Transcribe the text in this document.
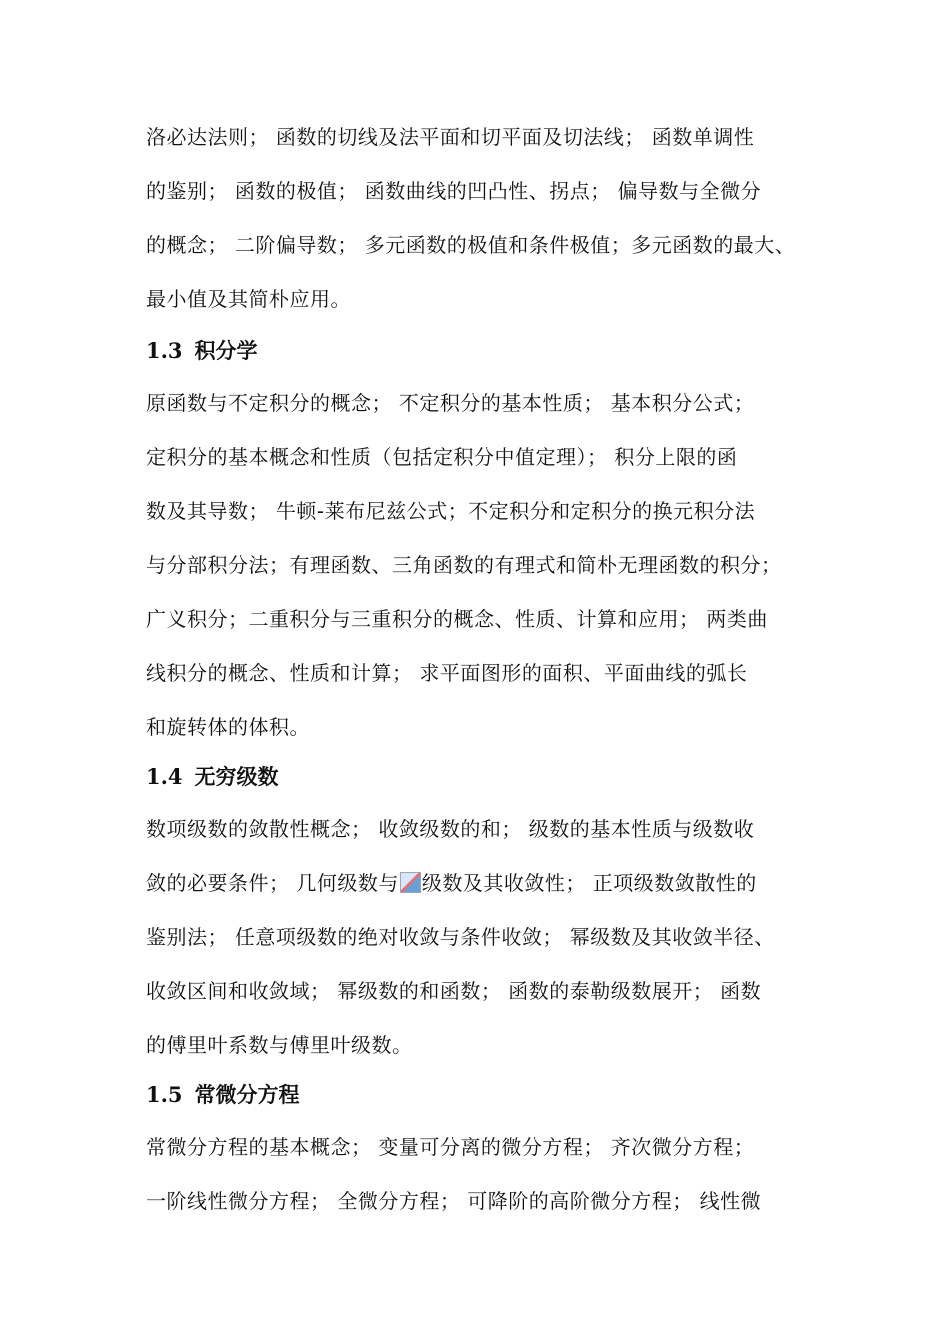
洛必达法则； 函数的切线及法平面和切平面及切法线； 函数单调性
的鉴别； 函数的极值； 函数曲线的凹凸性、拐点； 偏导数与全微分
的概念； 二阶偏导数； 多元函数的极值和条件极值；多元函数的最大、
最小值及其简朴应用。
1.3 积分学
原函数与不定积分的概念； 不定积分的基本性质； 基本积分公式；
定积分的基本概念和性质（包括定积分中值定理）； 积分上限的函
数及其导数； 牛顿-莱布尼兹公式；不定积分和定积分的换元积分法
与分部积分法；有理函数、三角函数的有理式和简朴无理函数的积分；
广义积分；二重积分与三重积分的概念、性质、计算和应用； 两类曲
线积分的概念、性质和计算； 求平面图形的面积、平面曲线的弧长
和旋转体的体积。
1.4 无穷级数
数项级数的敛散性概念； 收敛级数的和； 级数的基本性质与级数收
敛的必要条件； 几何级数与 级数及其收敛性； 正项级数敛散性的
鉴别法； 任意项级数的绝对收敛与条件收敛； 幂级数及其收敛半径、
收敛区间和收敛域； 幂级数的和函数； 函数的泰勒级数展开； 函数
的傅里叶系数与傅里叶级数。
1.5 常微分方程
常微分方程的基本概念； 变量可分离的微分方程； 齐次微分方程；
一阶线性微分方程； 全微分方程； 可降阶的高阶微分方程； 线性微
